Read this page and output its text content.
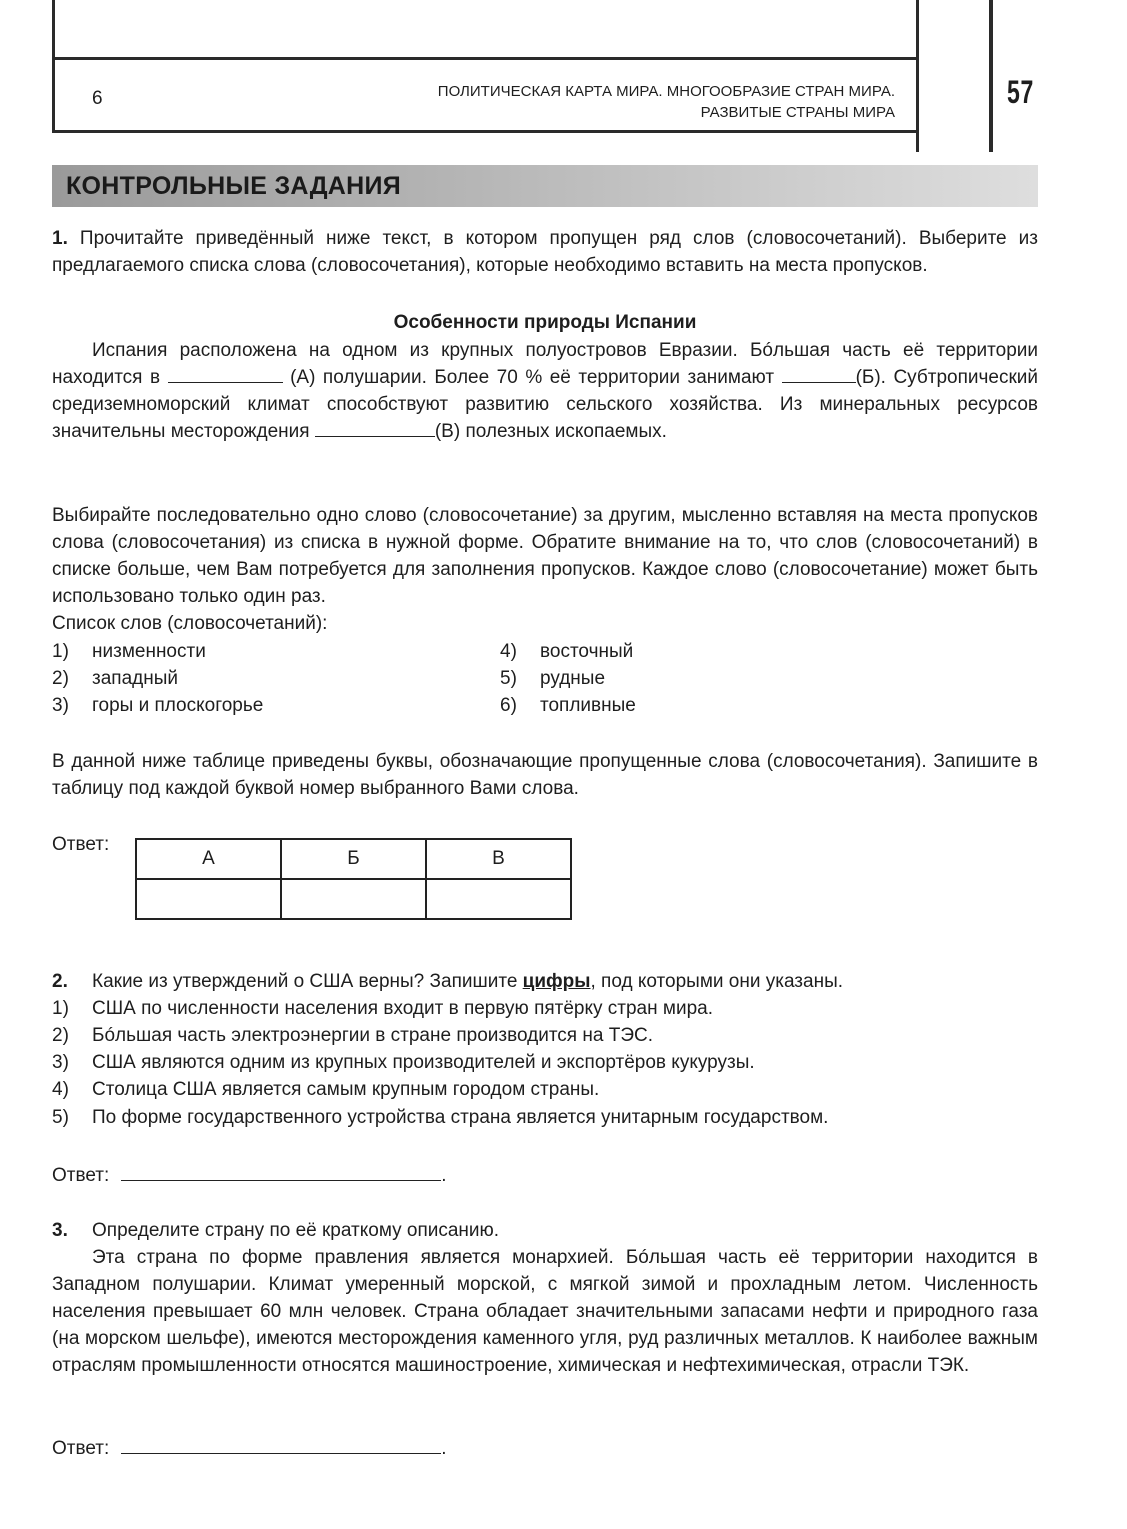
6	ПОЛИТИЧЕСКАЯ КАРТА МИРА. МНОГООБРАЗИЕ СТРАН МИРА.
РАЗВИТЫЕ СТРАНЫ МИРА
57
КОНТРОЛЬНЫЕ ЗАДАНИЯ

1. Прочитайте приведённый ниже текст, в котором пропущен ряд слов (словосочетаний). Выберите из предлагаемого списка слова (словосочетания), которые необходимо вставить на места пропусков.

Особенности природы Испании

Испания расположена на одном из крупных полуостровов Евразии. Бóльшая часть её территории находится в	(А) полушарии. Более 70 % её территории занимают	(Б). Субтропический средиземноморский климат способствуют развитию сельского хозяйства. Из минеральных ресурсов значительны месторождения	(В) полезных ископаемых.

Выбирайте последовательно одно слово (словосочетание) за другим, мысленно вставляя на места пропусков слова (словосочетания) из списка в нужной форме. Обратите внимание на то, что слов (словосочетаний) в списке больше, чем Вам потребуется для заполнения пропусков. Каждое слово (словосочетание) может быть использовано только один раз.

Список слов (словосочетаний):

1) низменности
2) западный
3) горы и плоскогорье
4) восточный
5) рудные
6) топливные

В данной ниже таблице приведены буквы, обозначающие пропущенные слова (словосочетания). Запишите в таблицу под каждой буквой номер выбранного Вами слова.

Ответ:
А	Б	В

2. Какие из утверждений о США верны? Запишите цифры, под которыми они указаны.
1) США по численности населения входит в первую пятёрку стран мира.
2) Бóльшая часть электроэнергии в стране производится на ТЭС.
3) США являются одним из крупных производителей и экспортёров кукурузы.
4) Столица США является самым крупным городом страны.
5) По форме государственного устройства страна является унитарным государством.
Ответ:	.
3. Определите страну по её краткому описанию.

Эта страна по форме правления является монархией. Бóльшая часть её территории находится в Западном полушарии. Климат умеренный морской, с мягкой зимой и прохладным летом. Численность населения превышает 60 млн человек. Страна обладает значительными запасами нефти и природного газа (на морском шельфе), имеются месторождения каменного угля, руд различных металлов. К наиболее важным отраслям промышленности относятся машиностроение, химическая и нефтехимическая, отрасли ТЭК.

Ответ:	.
